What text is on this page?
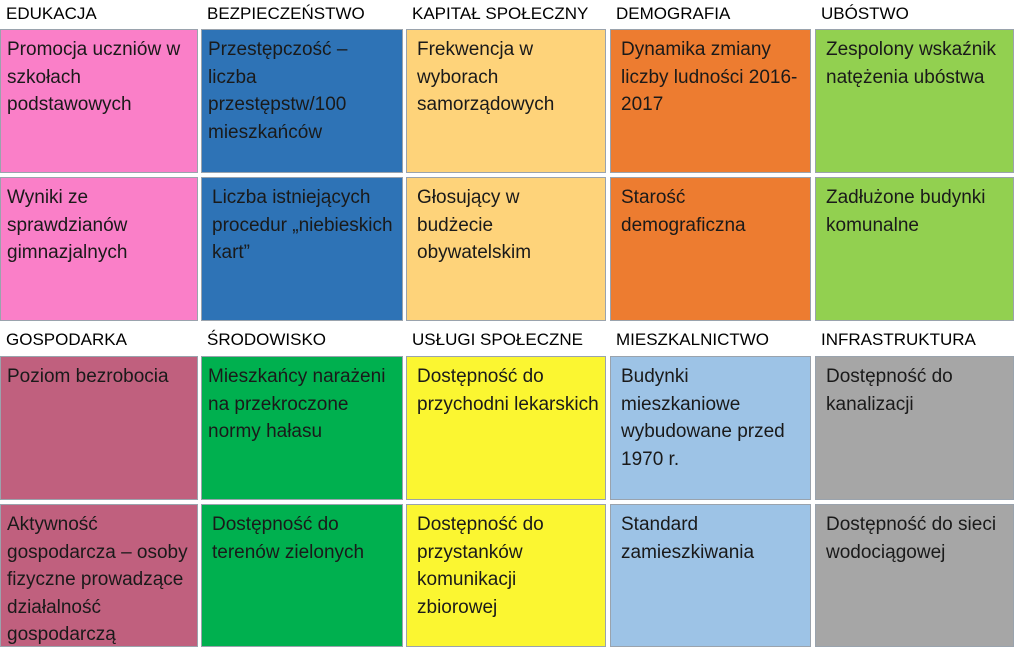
EDUKACJA
Promocja uczniów w szkołach podstawowych
Wyniki ze sprawdzianów gimnazjalnych
BEZPIECZEŃSTWO
Przestępczość – liczba przestępstw/100 mieszkańców
Liczba istniejących procedur „niebieskich kart”
KAPITAŁ SPOŁECZNY
Frekwencja w wyborach samorządowych
Głosujący w budżecie obywatelskim
DEMOGRAFIA
Dynamika zmiany liczby ludności 2016-2017
Starość demograficzna
UBÓSTWO
Zespolony wskaźnik natężenia ubóstwa
Zadłużone budynki komunalne
GOSPODARKA
Poziom bezrobocia
Aktywność gospodarcza – osoby fizyczne prowadzące działalność gospodarczą
ŚRODOWISKO
Mieszkańcy narażeni na przekroczone normy hałasu
Dostępność do terenów zielonych
USŁUGI SPOŁECZNE
Dostępność do przychodni lekarskich
Dostępność do przystanków komunikacji zbiorowej
MIESZKALNICTWO
Budynki mieszkaniowe wybudowane przed 1970 r.
Standard zamieszkiwania
INFRASTRUKTURA
Dostępność do kanalizacji
Dostępność do sieci wodociągowej
